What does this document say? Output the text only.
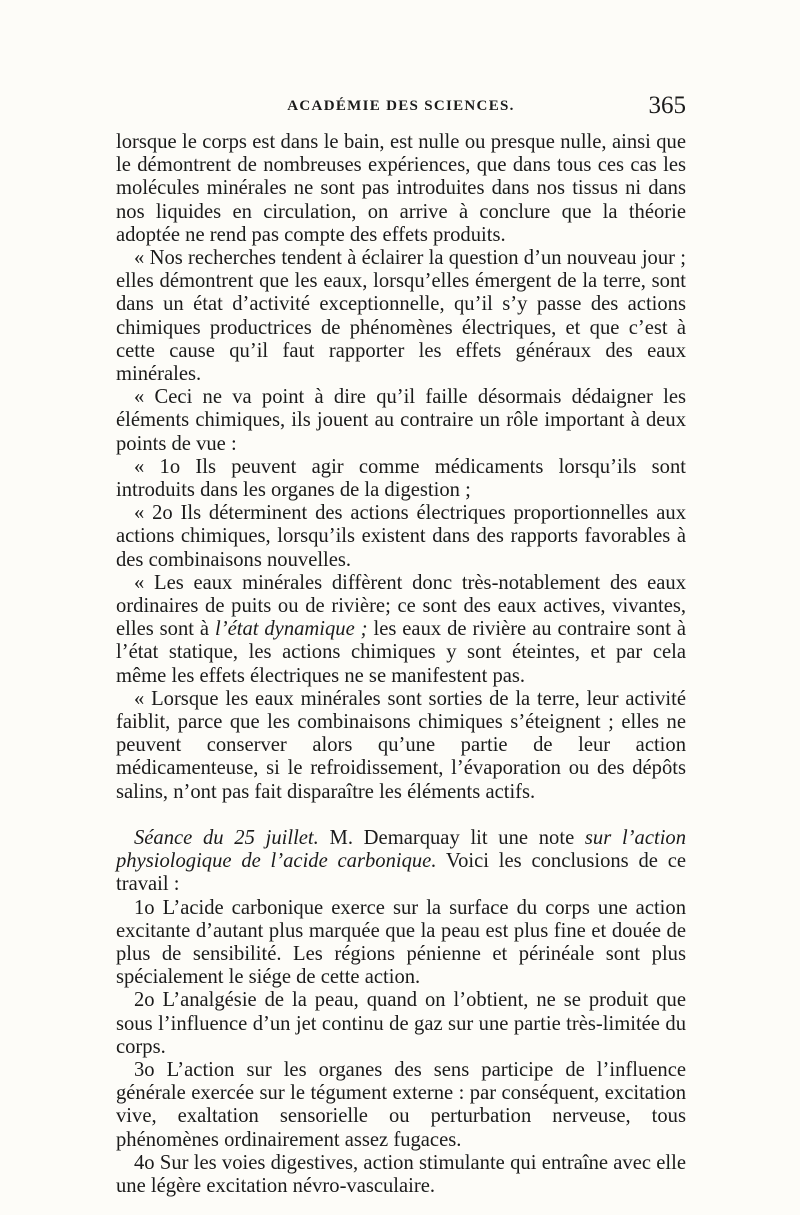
ACADÉMIE DES SCIENCES.	365

lorsque le corps est dans le bain, est nulle ou presque nulle, ainsi que le démontrent de nombreuses expériences, que dans tous ces cas les molécules minérales ne sont pas introduites dans nos tissus ni dans nos liquides en circulation, on arrive à conclure que la théorie adoptée ne rend pas compte des effets produits.

« Nos recherches tendent à éclairer la question d’un nouveau jour ; elles démontrent que les eaux, lorsqu’elles émergent de la terre, sont dans un état d’activité exceptionnelle, qu’il s’y passe des actions chimiques productrices de phénomènes électriques, et que c’est à cette cause qu’il faut rapporter les effets généraux des eaux minérales.

« Ceci ne va point à dire qu’il faille désormais dédaigner les éléments chimiques, ils jouent au contraire un rôle important à deux points de vue :

« 1o Ils peuvent agir comme médicaments lorsqu’ils sont introduits dans les organes de la digestion ;

« 2o Ils déterminent des actions électriques proportionnelles aux actions chimiques, lorsqu’ils existent dans des rapports favorables à des combinaisons nouvelles.

« Les eaux minérales diffèrent donc très-notablement des eaux ordinaires de puits ou de rivière; ce sont des eaux actives, vivantes, elles sont à l’état dynamique ; les eaux de rivière au contraire sont à l’état statique, les actions chimiques y sont éteintes, et par cela même les effets électriques ne se manifestent pas.

« Lorsque les eaux minérales sont sorties de la terre, leur activité faiblit, parce que les combinaisons chimiques s’éteignent ; elles ne peuvent conserver alors qu’une partie de leur action médicamenteuse, si le refroidissement, l’évaporation ou des dépôts salins, n’ont pas fait disparaître les éléments actifs.

Séance du 25 juillet. M. Demarquay lit une note sur l’action physiologique de l’acide carbonique. Voici les conclusions de ce travail :

1o L’acide carbonique exerce sur la surface du corps une action excitante d’autant plus marquée que la peau est plus fine et douée de plus de sensibilité. Les régions pénienne et périnéale sont plus spécialement le siége de cette action.

2o L’analgésie de la peau, quand on l’obtient, ne se produit que sous l’influence d’un jet continu de gaz sur une partie très-limitée du corps.

3o L’action sur les organes des sens participe de l’influence générale exercée sur le tégument externe : par conséquent, excitation vive, exaltation sensorielle ou perturbation nerveuse, tous phénomènes ordinairement assez fugaces.

4o Sur les voies digestives, action stimulante qui entraîne avec elle une légère excitation névro-vasculaire.
